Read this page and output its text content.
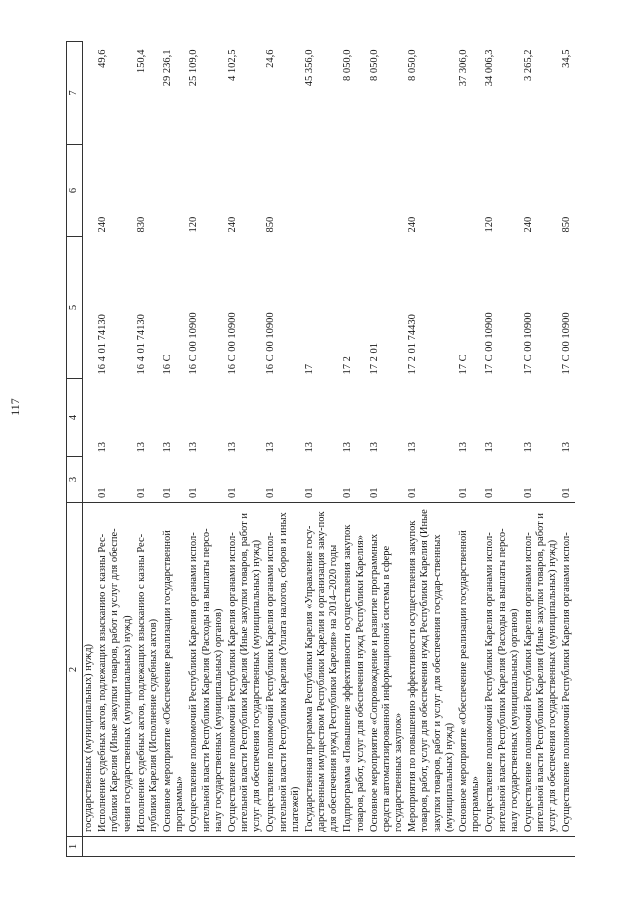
117
1	2	3	4	5	6	7
	государственных (муниципальных) нужд)					
	Исполнение судебных актов, подлежащих взысканию с казны Рес-публики Карелия (Иные закупки товаров, работ и услуг для обеспе-чения государственных (муниципальных) нужд)	01	13	16 4 01 74130	240	49,6
	Исполнение судебных актов, подлежащих взысканию с казны Рес-публики Карелия (Исполнение судебных актов)	01	13	16 4 01 74130	830	150,4
	Основное мероприятие «Обеспечение реализации государственной программы»	01	13	16 С		29 236,1
	Осуществление полномочий Республики Карелия органами испол-нительной власти Республики Карелия (Расходы на выплаты персо-налу государственных (муниципальных) органов)	01	13	16 С 00 10900	120	25 109,0
	Осуществление полномочий Республики Карелия органами испол-нительной власти Республики Карелия (Иные закупки товаров, работ и услуг для обеспечения государственных (муниципальных) нужд)	01	13	16 С 00 10900	240	4 102,5
	Осуществление полномочий Республики Карелия органами испол-нительной власти Республики Карелия (Уплата налогов, сборов и иных платежей)	01	13	16 С 00 10900	850	24,6
	Государственная программа Республики Карелия «Управление госу-дарственным имуществом Республики Карелия и организация заку-пок для обеспечения нужд Республики Карелия» на 2014–2020 годы	01	13	17		45 356,0
	Подпрограмма «Повышение эффективности осуществления закупок товаров, работ, услуг для обеспечения нужд Республики Карелия»	01	13	17 2		8 050,0
	Основное мероприятие «Сопровождение и развитие программных средств автоматизированной информационной системы в сфере государственных закупок»	01	13	17 2 01		8 050,0
	Мероприятия по повышению эффективности осуществления закупок товаров, работ, услуг для обеспечения нужд Республики Карелия (Иные закупки товаров, работ и услуг для обеспечения государ-ственных (муниципальных) нужд)	01	13	17 2 01 74430	240	8 050,0
	Основное мероприятие «Обеспечение реализации государственной программы»	01	13	17 С		37 306,0
	Осуществление полномочий Республики Карелия органами испол-нительной власти Республики Карелия (Расходы на выплаты персо-налу государственных (муниципальных) органов)	01	13	17 С 00 10900	120	34 006,3
	Осуществление полномочий Республики Карелия органами испол-нительной власти Республики Карелия (Иные закупки товаров, работ и услуг для обеспечения государственных (муниципальных) нужд)	01	13	17 С 00 10900	240	3 265,2
	Осуществление полномочий Республики Карелия органами испол-	01	13	17 С 00 10900	850	34,5
